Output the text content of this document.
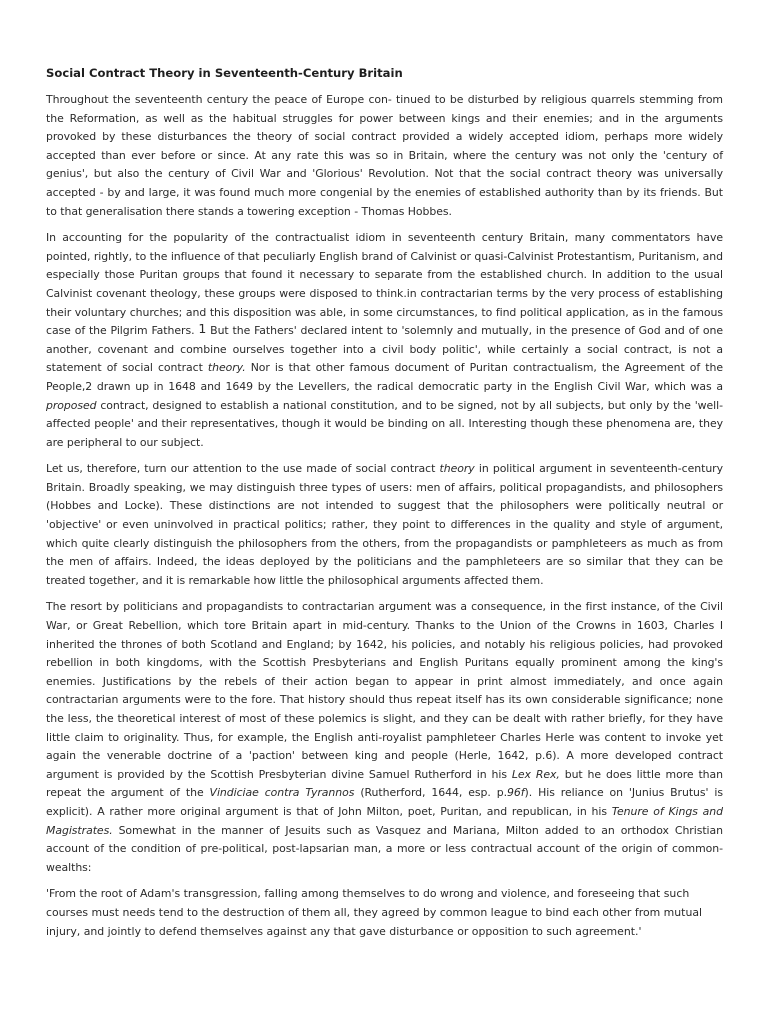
Social Contract Theory in Seventeenth-Century Britain

Throughout the seventeenth century the peace of Europe con- tinued to be disturbed by religious quarrels stemming from the Reformation, as well as the habitual struggles for power between kings and their enemies; and in the arguments provoked by these disturbances the theory of social contract provided a widely accepted idiom, perhaps more widely accepted than ever before or since. At any rate this was so in Britain, where the century was not only the 'century of genius', but also the century of Civil War and 'Glorious' Revolution. Not that the social contract theory was universally accepted - by and large, it was found much more congenial by the enemies of established authority than by its friends. But to that generalisation there stands a towering exception - Thomas Hobbes.

In accounting for the popularity of the contractualist idiom in seventeenth century Britain, many commentators have pointed, rightly, to the influence of that peculiarly English brand of Calvinist or quasi-Calvinist Protestantism, Puritanism, and especially those Puritan groups that found it necessary to separate from the established church. In addition to the usual Calvinist covenant theology, these groups were disposed to think.in contractarian terms by the very process of establishing their voluntary churches; and this disposition was able, in some circumstances, to find political application, as in the famous case of the Pilgrim Fathers. 1 But the Fathers' declared intent to 'solemnly and mutually, in the presence of God and of one another, covenant and combine ourselves together into a civil body politic', while certainly a social contract, is not a statement of social contract theory. Nor is that other famous document of Puritan contractualism, the Agreement of the People,2 drawn up in 1648 and 1649 by the Levellers, the radical democratic party in the English Civil War, which was a proposed contract, designed to establish a national constitution, and to be signed, not by all subjects, but only by the 'well-affected people' and their representatives, though it would be binding on all. Interesting though these phenomena are, they are peripheral to our subject.

Let us, therefore, turn our attention to the use made of social contract theory in political argument in seventeenth-century Britain. Broadly speaking, we may distinguish three types of users: men of affairs, political propagandists, and philosophers (Hobbes and Locke). These distinctions are not intended to suggest that the philosophers were politically neutral or 'objective' or even uninvolved in practical politics; rather, they point to differences in the quality and style of argument, which quite clearly distinguish the philosophers from the others, from the propagandists or pamphleteers as much as from the men of affairs. Indeed, the ideas deployed by the politicians and the pamphleteers are so similar that they can be treated together, and it is remarkable how little the philosophical arguments affected them.

The resort by politicians and propagandists to contractarian argument was a consequence, in the first instance, of the Civil War, or Great Rebellion, which tore Britain apart in mid-century. Thanks to the Union of the Crowns in 1603, Charles I inherited the thrones of both Scotland and England; by 1642, his policies, and notably his religious policies, had provoked rebellion in both kingdoms, with the Scottish Presbyterians and English Puritans equally prominent among the king's enemies. Justifications by the rebels of their action began to appear in print almost immediately, and once again contractarian arguments were to the fore. That history should thus repeat itself has its own considerable significance; none the less, the theoretical interest of most of these polemics is slight, and they can be dealt with rather briefly, for they have little claim to originality. Thus, for example, the English anti-royalist pamphleteer Charles Herle was content to invoke yet again the venerable doctrine of a 'paction' between king and people (Herle, 1642, p.6). A more developed contract argument is provided by the Scottish Presbyterian divine Samuel Rutherford in his Lex Rex, but he does little more than repeat the argument of the Vindiciae contra Tyrannos (Rutherford, 1644, esp. p.96f). His reliance on 'Junius Brutus' is explicit). A rather more original argument is that of John Milton, poet, Puritan, and republican, in his Tenure of Kings and Magistrates. Somewhat in the manner of Jesuits such as Vasquez and Mariana, Milton added to an orthodox Christian account of the condition of pre-political, post-lapsarian man, a more or less contractual account of the origin of common- wealths:

'From the root of Adam's transgression, falling among themselves to do wrong and violence, and foreseeing that such courses must needs tend to the destruction of them all, they agreed by common league to bind each other from mutual injury, and jointly to defend themselves against any that gave disturbance or opposition to such agreement.'
